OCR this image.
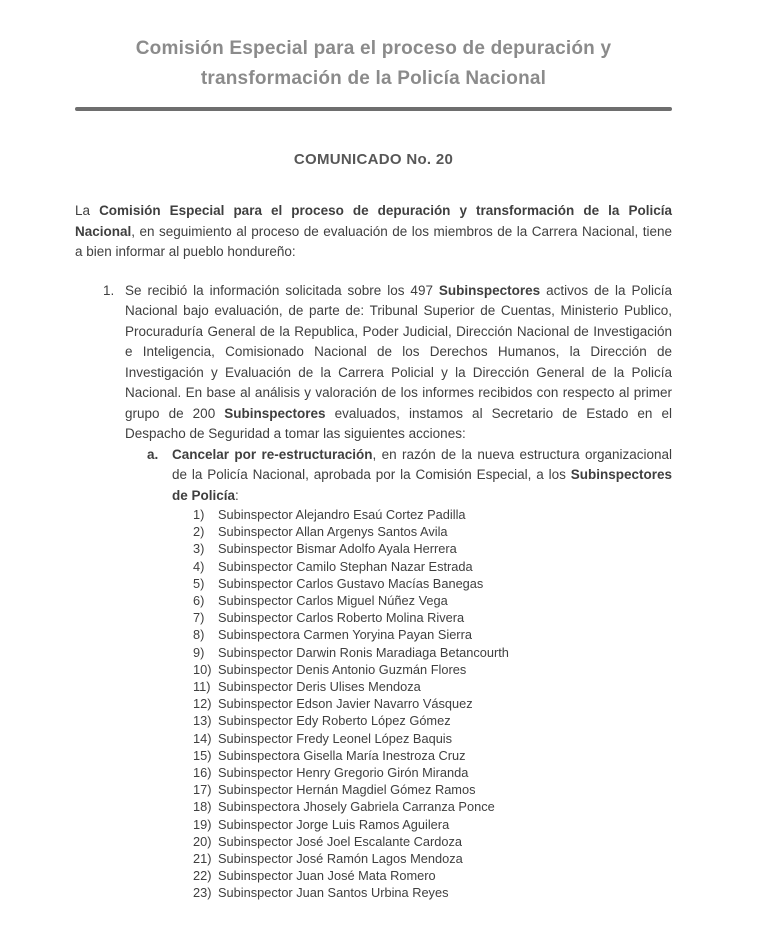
Comisión Especial para el proceso de depuración y transformación de la Policía Nacional
COMUNICADO No. 20

La Comisión Especial para el proceso de depuración y transformación de la Policía Nacional, en seguimiento al proceso de evaluación de los miembros de la Carrera Nacional, tiene a bien informar al pueblo hondureño:

1. Se recibió la información solicitada sobre los 497 Subinspectores activos de la Policía Nacional bajo evaluación, de parte de: Tribunal Superior de Cuentas, Ministerio Publico, Procuraduría General de la Republica, Poder Judicial, Dirección Nacional de Investigación e Inteligencia, Comisionado Nacional de los Derechos Humanos, la Dirección de Investigación y Evaluación de la Carrera Policial y la Dirección General de la Policía Nacional. En base al análisis y valoración de los informes recibidos con respecto al primer grupo de 200 Subinspectores evaluados, instamos al Secretario de Estado en el Despacho de Seguridad a tomar las siguientes acciones:

a.	Cancelar por re-estructuración, en razón de la nueva estructura organizacional de la Policía Nacional, aprobada por la Comisión Especial, a los Subinspectores de Policía:

1)	Subinspector Alejandro Esaú Cortez Padilla
2)	Subinspector Allan Argenys Santos Avila
3)	Subinspector Bismar Adolfo Ayala Herrera
4)	Subinspector Camilo Stephan Nazar Estrada
5)	Subinspector Carlos Gustavo Macías Banegas
6)	Subinspector Carlos Miguel Núñez Vega
7)	Subinspector Carlos Roberto Molina Rivera
8)	Subinspectora Carmen Yoryina Payan Sierra
9)	Subinspector Darwin Ronis Maradiaga Betancourth
10) Subinspector Denis Antonio Guzmán Flores
11) Subinspector Deris Ulises Mendoza
12) Subinspector Edson Javier Navarro Vásquez
13) Subinspector Edy Roberto López Gómez
14) Subinspector Fredy Leonel López Baquis
15) Subinspectora Gisella María Inestroza Cruz
16) Subinspector Henry Gregorio Girón Miranda
17) Subinspector Hernán Magdiel Gómez Ramos
18) Subinspectora Jhosely Gabriela Carranza Ponce
19) Subinspector Jorge Luis Ramos Aguilera
20) Subinspector José Joel Escalante Cardoza
21) Subinspector José Ramón Lagos Mendoza
22) Subinspector Juan José Mata Romero
23) Subinspector Juan Santos Urbina Reyes
